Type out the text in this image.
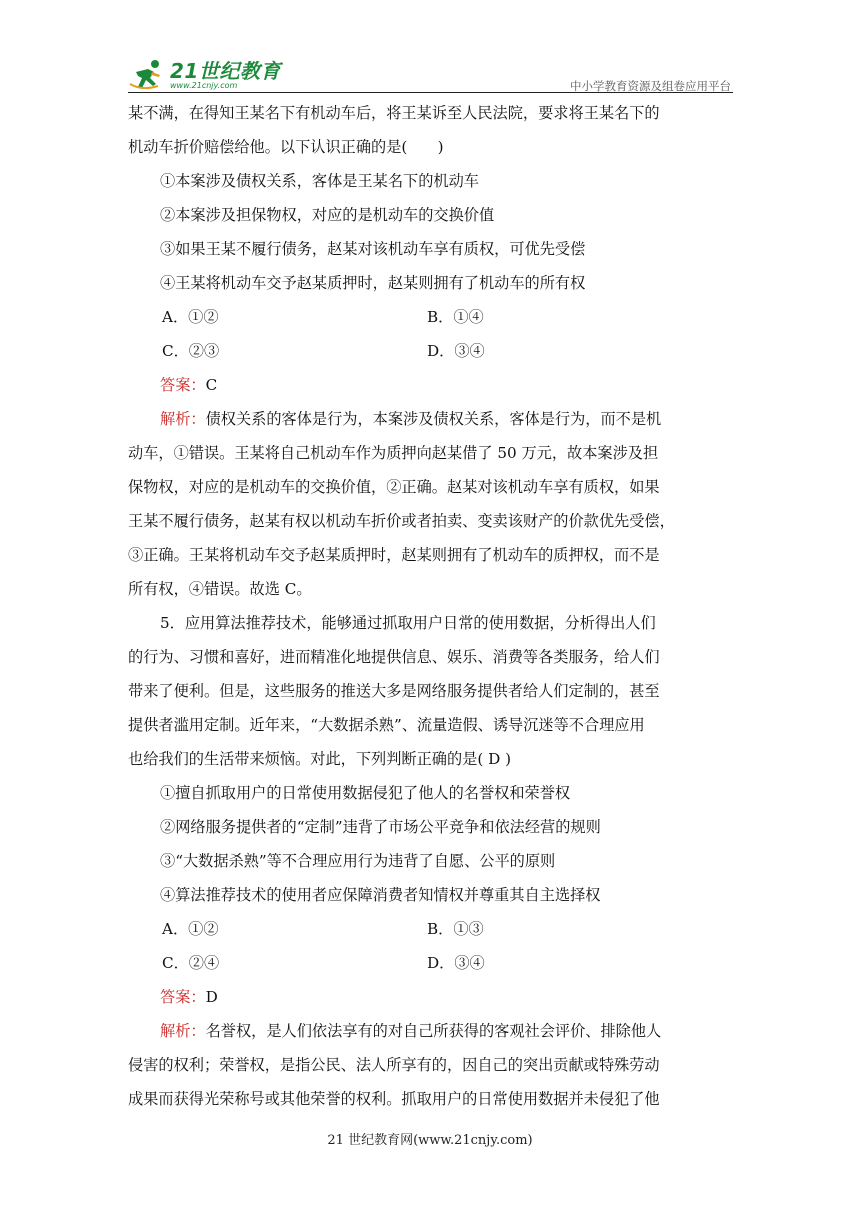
21世纪教育
www.21cnjy.com	中小学教育资源及组卷应用平台

某不满，在得知王某名下有机动车后，将王某诉至人民法院，要求将王某名下的

机动车折价赔偿给他。以下认识正确的是(　　)

①本案涉及债权关系，客体是王某名下的机动车

②本案涉及担保物权，对应的是机动车的交换价值

③如果王某不履行债务，赵某对该机动车享有质权，可优先受偿

④王某将机动车交予赵某质押时，赵某则拥有了机动车的所有权

A．①②	B．①④
C．②③	D．③④

答案：C

解析：债权关系的客体是行为，本案涉及债权关系，客体是行为，而不是机

动车，①错误。王某将自己机动车作为质押向赵某借了 50 万元，故本案涉及担

保物权，对应的是机动车的交换价值，②正确。赵某对该机动车享有质权，如果

王某不履行债务，赵某有权以机动车折价或者拍卖、变卖该财产的价款优先受偿，

③正确。王某将机动车交予赵某质押时，赵某则拥有了机动车的质押权，而不是

所有权，④错误。故选 C。

5．应用算法推荐技术，能够通过抓取用户日常的使用数据，分析得出人们

的行为、习惯和喜好，进而精准化地提供信息、娱乐、消费等各类服务，给人们

带来了便利。但是，这些服务的推送大多是网络服务提供者给人们定制的，甚至

提供者滥用定制。近年来，“大数据杀熟”、流量造假、诱导沉迷等不合理应用

也给我们的生活带来烦恼。对此，下列判断正确的是( D )

①擅自抓取用户的日常使用数据侵犯了他人的名誉权和荣誉权

②网络服务提供者的“定制”违背了市场公平竞争和依法经营的规则

③“大数据杀熟”等不合理应用行为违背了自愿、公平的原则

④算法推荐技术的使用者应保障消费者知情权并尊重其自主选择权

A．①②	B．①③
C．②④	D．③④

答案：D

解析：名誉权，是人们依法享有的对自己所获得的客观社会评价、排除他人

侵害的权利；荣誉权，是指公民、法人所享有的，因自己的突出贡献或特殊劳动

成果而获得光荣称号或其他荣誉的权利。抓取用户的日常使用数据并未侵犯了他

21 世纪教育网(www.21cnjy.com)
